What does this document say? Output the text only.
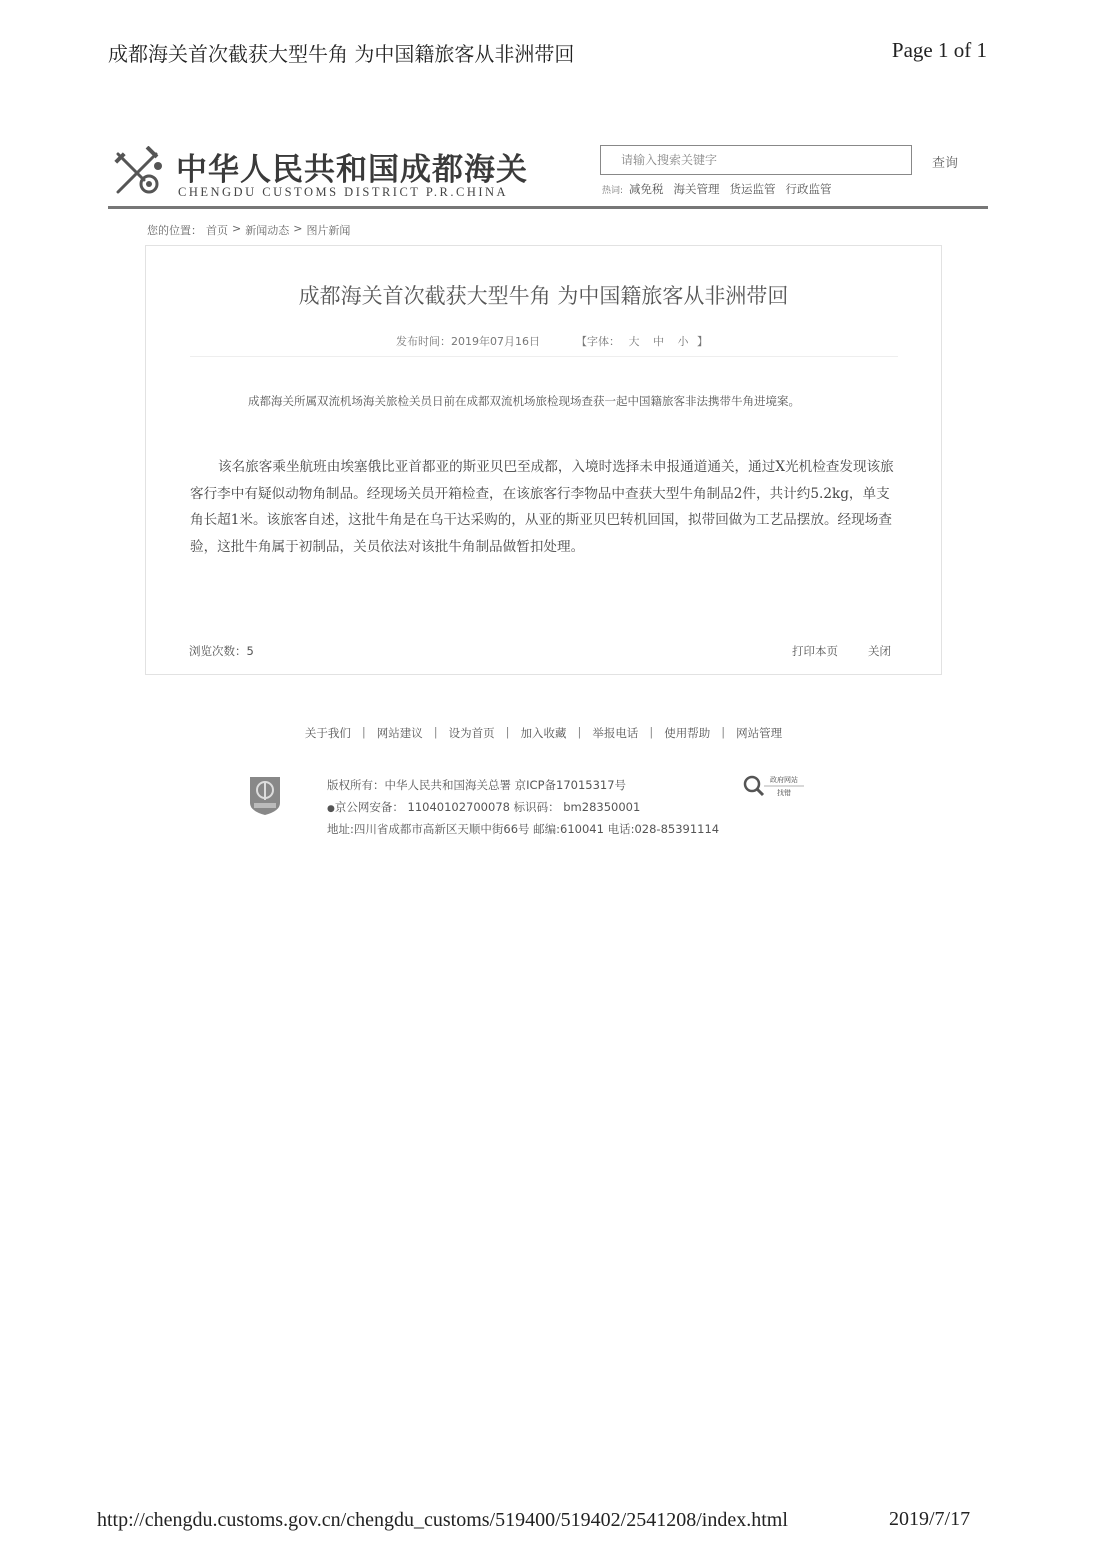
成都海关首次截获大型牛角 为中国籍旅客从非洲带回	Page 1 of 1
中华人民共和国成都海关
CHENGDU CUSTOMS DISTRICT P.R.CHINA
请输入搜索关键字
查询
热词: 减免税 海关管理 货运监管 行政监管
您的位置： 首页 > 新闻动态 > 图片新闻
成都海关首次截获大型牛角 为中国籍旅客从非洲带回
发布时间：2019年07月16日	【字体： 大 中 小 】

成都海关所属双流机场海关旅检关员日前在成都双流机场旅检现场查获一起中国籍旅客非法携带牛角进境案。

该名旅客乘坐航班由埃塞俄比亚首都亚的斯亚贝巴至成都，入境时选择未申报通道通关，通过X光机检查发现该旅客行李中有疑似动物角制品。经现场关员开箱检查，在该旅客行李物品中查获大型牛角制品2件，共计约5.2kg，单支角长超1米。该旅客自述，这批牛角是在乌干达采购的，从亚的斯亚贝巴转机回国，拟带回做为工艺品摆放。经现场查验，这批牛角属于初制品，关员依法对该批牛角制品做暂扣处理。

浏览次数：5	打印本页	关闭
关于我们 | 网站建议 | 设为首页 | 加入收藏 | 举报电话 | 使用帮助 | 网站管理
版权所有：中华人民共和国海关总署 京ICP备17015317号
●京公网安备： 11040102700078 标识码： bm28350001
地址:四川省成都市高新区天顺中街66号 邮编:610041 电话:028-85391114
政府网站
找错
http://chengdu.customs.gov.cn/chengdu_customs/519400/519402/2541208/index.html	2019/7/17
